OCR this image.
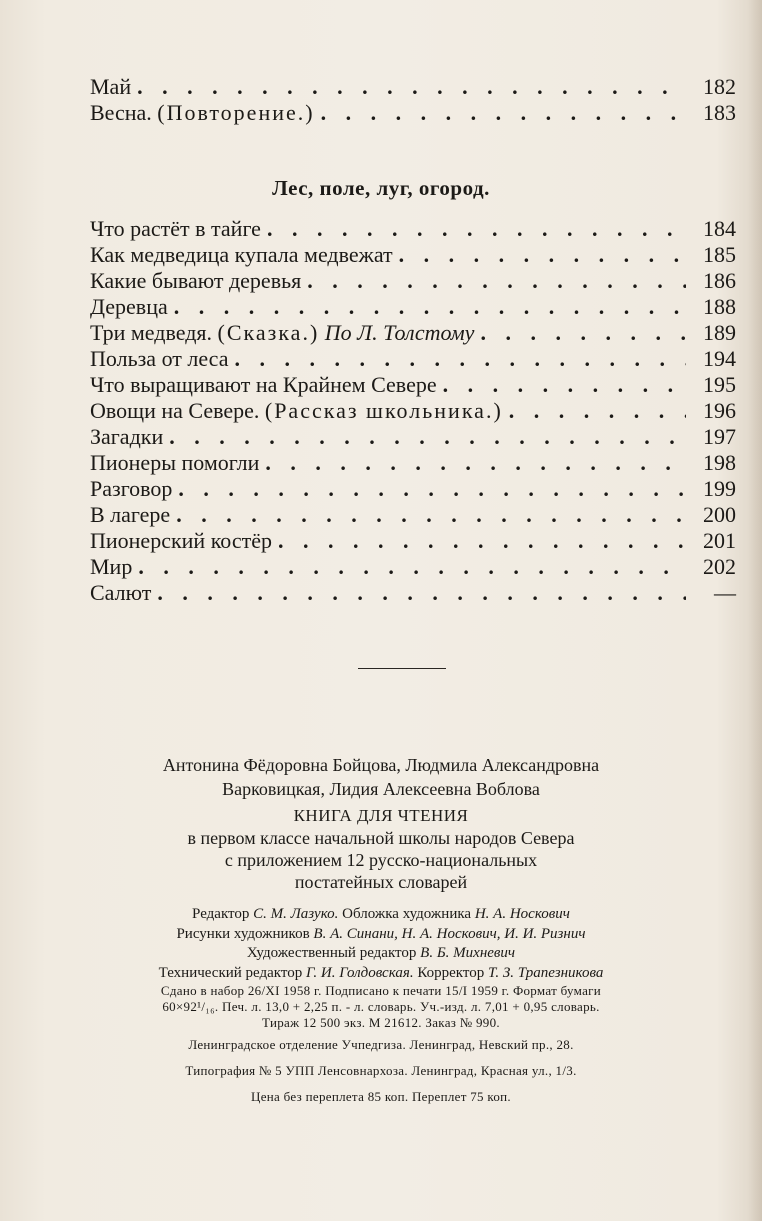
Май . . .	182
Весна. (Повторение.) . . .	183
Лес, поле, луг, огород.
Что растёт в тайге . . .	184
Как медведица купала медвежат . . .	185
Какие бывают деревья . . .	186
Деревца . . .	188
Три медведя. (Сказка.) По Л. Толстому . . .	189
Польза от леса . . .	194
Что выращивают на Крайнем Севере . . .	195
Овощи на Севере. (Рассказ школьника.) . . .	196
Загадки . . .	197
Пионеры помогли . . .	198
Разговор . . .	199
В лагере . . .	200
Пионерский костёр . . .	201
Мир . . .	202
Салют . . .	—
Антонина Фёдоровна Бойцова, Людмила Александровна
Варковицкая, Лидия Алексеевна Воблова
КНИГА ДЛЯ ЧТЕНИЯ
в первом классе начальной школы народов Севера
с приложением 12 русско-национальных
постатейных словарей
Редактор С. М. Лазуко. Обложка художника Н. А. Носкович
Рисунки художников В. А. Синани, Н. А. Носкович, И. И. Ризнич
Художественный редактор В. Б. Михневич
Технический редактор Г. И. Голдовская. Корректор Т. З. Трапезникова
Сдано в набор 26/XI 1958 г. Подписано к печати 15/I 1959 г. Формат бумаги
60×92¹/₁₆. Печ. л. 13,0 + 2,25 п. - л. словарь. Уч.-изд. л. 7,01 + 0,95 словарь.
Тираж 12 500 экз. М 21612. Заказ № 990.
Ленинградское отделение Учпедгиза. Ленинград, Невский пр., 28.
Типография № 5 УПП Ленсовнархоза. Ленинград, Красная ул., 1/3.
Цена без переплета 85 коп. Переплет 75 коп.
